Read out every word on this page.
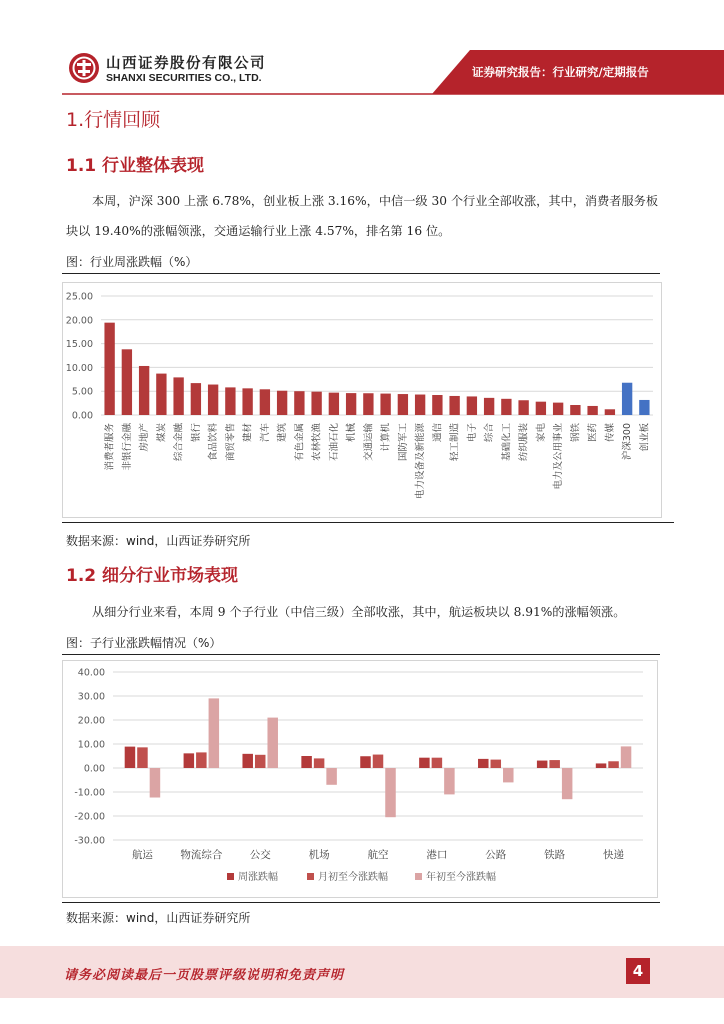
山西证券股份有限公司
SHANXI SECURITIES CO., LTD.	证券研究报告：行业研究/定期报告
1.行情回顾
1.1 行业整体表现
本周，沪深 300 上涨 6.78%，创业板上涨 3.16%，中信一级 30 个行业全部收涨，其中，消费者服务板
块以 19.40%的涨幅领涨，交通运输行业上涨 4.57%，排名第 16 位。
图：行业周涨跌幅（%）
25.00
20.00
15.00
10.00
5.00
0.00
消费者服务 非银行金融 房地产 煤炭 综合金融 银行 食品饮料 商贸零售 建材 汽车 建筑 有色金属 农林牧渔 石油石化 机械 交通运输 计算机 国防军工 电力设备及新能源 通信 轻工制造 电子 综合 基础化工 纺织服装 家电 电力及公用事业 钢铁 医药 传媒 沪深300 创业板
数据来源：wind，山西证券研究所
1.2 细分行业市场表现
从细分行业来看，本周 9 个子行业（中信三级）全部收涨，其中，航运板块以 8.91%的涨幅领涨。
图：子行业涨跌幅情况（%）
40.00
30.00
20.00
10.00
0.00
-10.00
-20.00
-30.00
航运	物流综合	公交	机场	航空	港口	公路	铁路	快递
周涨跌幅	月初至今涨跌幅	年初至今涨跌幅
数据来源：wind，山西证券研究所
请务必阅读最后一页股票评级说明和免责声明	4
